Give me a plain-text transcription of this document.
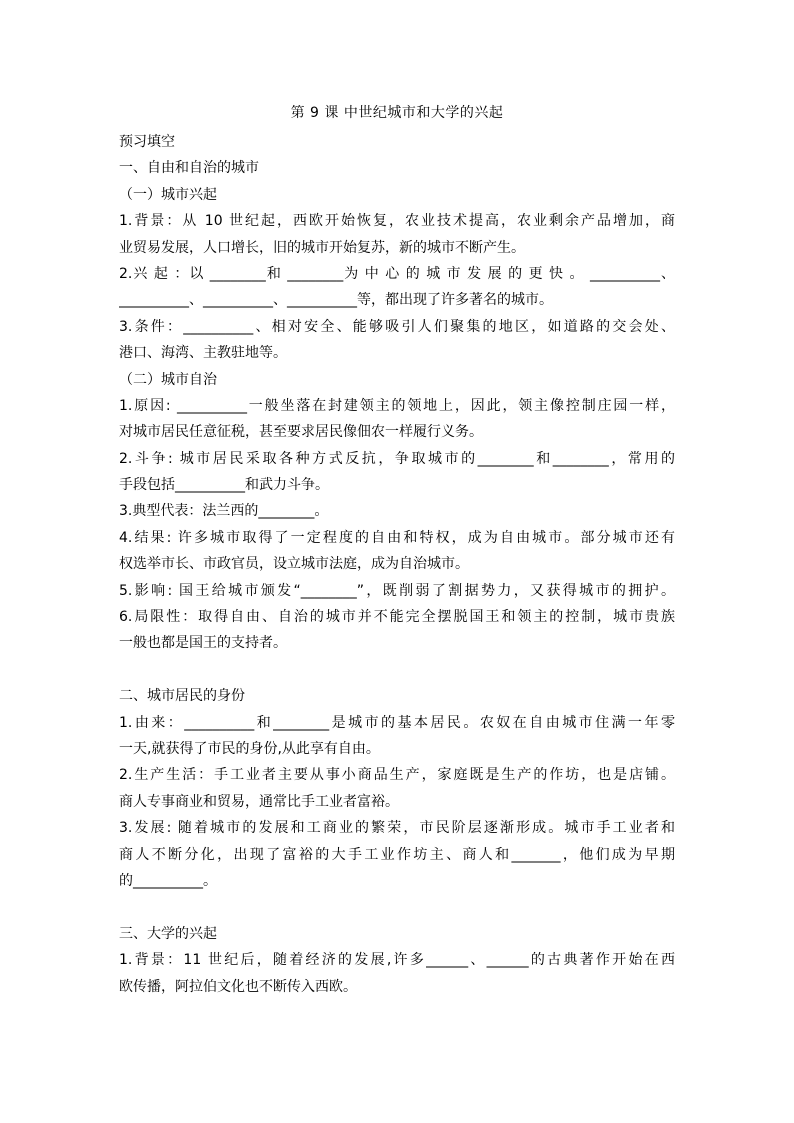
第 9 课 中世纪城市和大学的兴起
预习填空
一、自由和自治的城市
（一）城市兴起
1.背景：从 10 世纪起，西欧开始恢复，农业技术提高，农业剩余产品增加，商
业贸易发展，人口增长，旧的城市开始复苏，新的城市不断产生。
2.兴 起 ：以 ________和 ________为 中 心 的 城 市 发 展 的 更 快 。 __________、
__________、__________、__________等，都出现了许多著名的城市。
3.条件：__________、相对安全、能够吸引人们聚集的地区，如道路的交会处、
港口、海湾、主教驻地等。
（二）城市自治
1.原因: __________一般坐落在封建领主的领地上，因此，领主像控制庄园一样，
对城市居民任意征税，甚至要求居民像佃农一样履行义务。
2.斗争: 城市居民采取各种方式反抗，争取城市的________和________，常用的
手段包括__________和武力斗争。
3.典型代表：法兰西的________。
4.结果: 许多城市取得了一定程度的自由和特权，成为自由城市。部分城市还有
权选举市长、市政官员，设立城市法庭，成为自治城市。
5.影响: 国王给城市颁发“________”，既削弱了割据势力，又获得城市的拥护。
6.局限性：取得自由、自治的城市并不能完全摆脱国王和领主的控制，城市贵族
一般也都是国王的支持者。
二、城市居民的身份
1.由来：__________和________是城市的基本居民。农奴在自由城市住满一年零
一天,就获得了市民的身份,从此享有自由。
2.生产生活：手工业者主要从事小商品生产，家庭既是生产的作坊，也是店铺。
商人专事商业和贸易，通常比手工业者富裕。
3.发展: 随着城市的发展和工商业的繁荣，市民阶层逐渐形成。城市手工业者和
商人不断分化，出现了富裕的大手工业作坊主、商人和_______，他们成为早期
的__________。
三、大学的兴起
1.背景：11 世纪后，随着经济的发展,许多______、______的古典著作开始在西
欧传播，阿拉伯文化也不断传入西欧。
